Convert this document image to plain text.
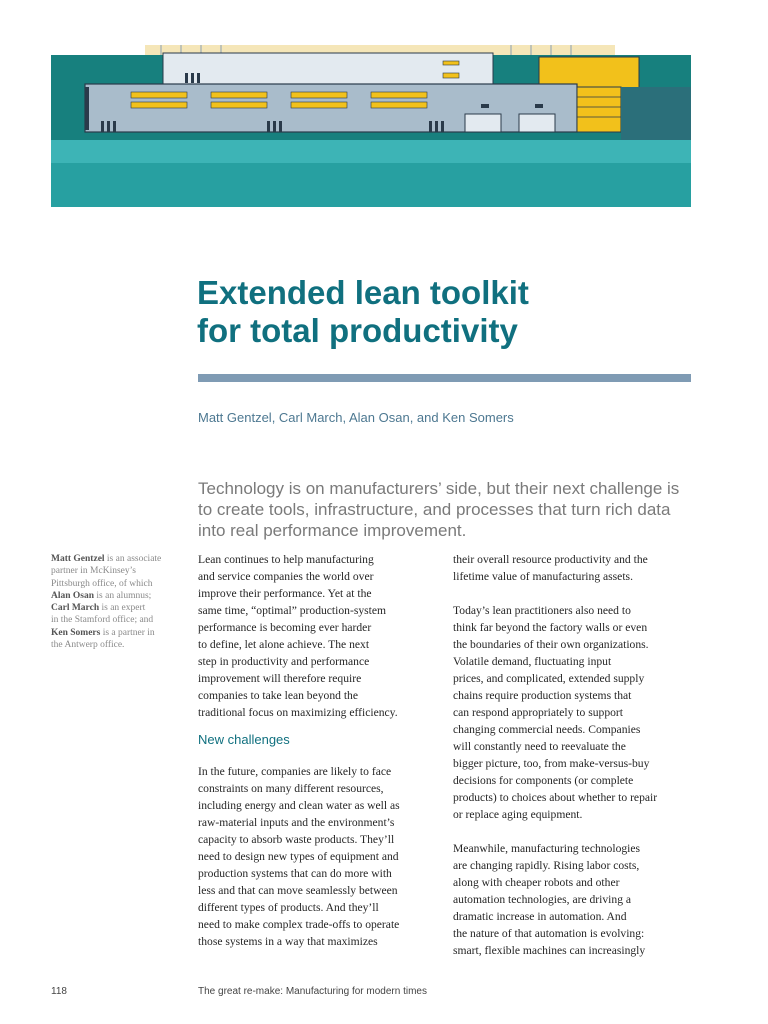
Extended lean toolkit
for total productivity
Matt Gentzel, Carl March, Alan Osan, and Ken Somers

Technology is on manufacturers’ side, but their next challenge is
to create tools, infrastructure, and processes that turn rich data
into real performance improvement.

Matt Gentzel is an associate
partner in McKinsey’s
Pittsburgh office, of which
Alan Osan is an alumnus;
Carl March is an expert
in the Stamford office; and
Ken Somers is a partner in
the Antwerp office.
Lean continues to help manufacturing
and service companies the world over
improve their performance. Yet at the
same time, “optimal” production-system
performance is becoming ever harder
to define, let alone achieve. The next
step in productivity and performance
improvement will therefore require
companies to take lean beyond the
traditional focus on maximizing efficiency.
New challenges
In the future, companies are likely to face
constraints on many different resources,
including energy and clean water as well as
raw-material inputs and the environment’s
capacity to absorb waste products. They’ll
need to design new types of equipment and
production systems that can do more with
less and that can move seamlessly between
different types of products. And they’ll
need to make complex trade-offs to operate
those systems in a way that maximizes
their overall resource productivity and the
lifetime value of manufacturing assets.
Today’s lean practitioners also need to
think far beyond the factory walls or even
the boundaries of their own organizations.
Volatile demand, fluctuating input
prices, and complicated, extended supply
chains require production systems that
can respond appropriately to support
changing commercial needs. Companies
will constantly need to reevaluate the
bigger picture, too, from make-versus-buy
decisions for components (or complete
products) to choices about whether to repair
or replace aging equipment.
Meanwhile, manufacturing technologies
are changing rapidly. Rising labor costs,
along with cheaper robots and other
automation technologies, are driving a
dramatic increase in automation. And
the nature of that automation is evolving:
smart, flexible machines can increasingly
118	The great re-make: Manufacturing for modern times
